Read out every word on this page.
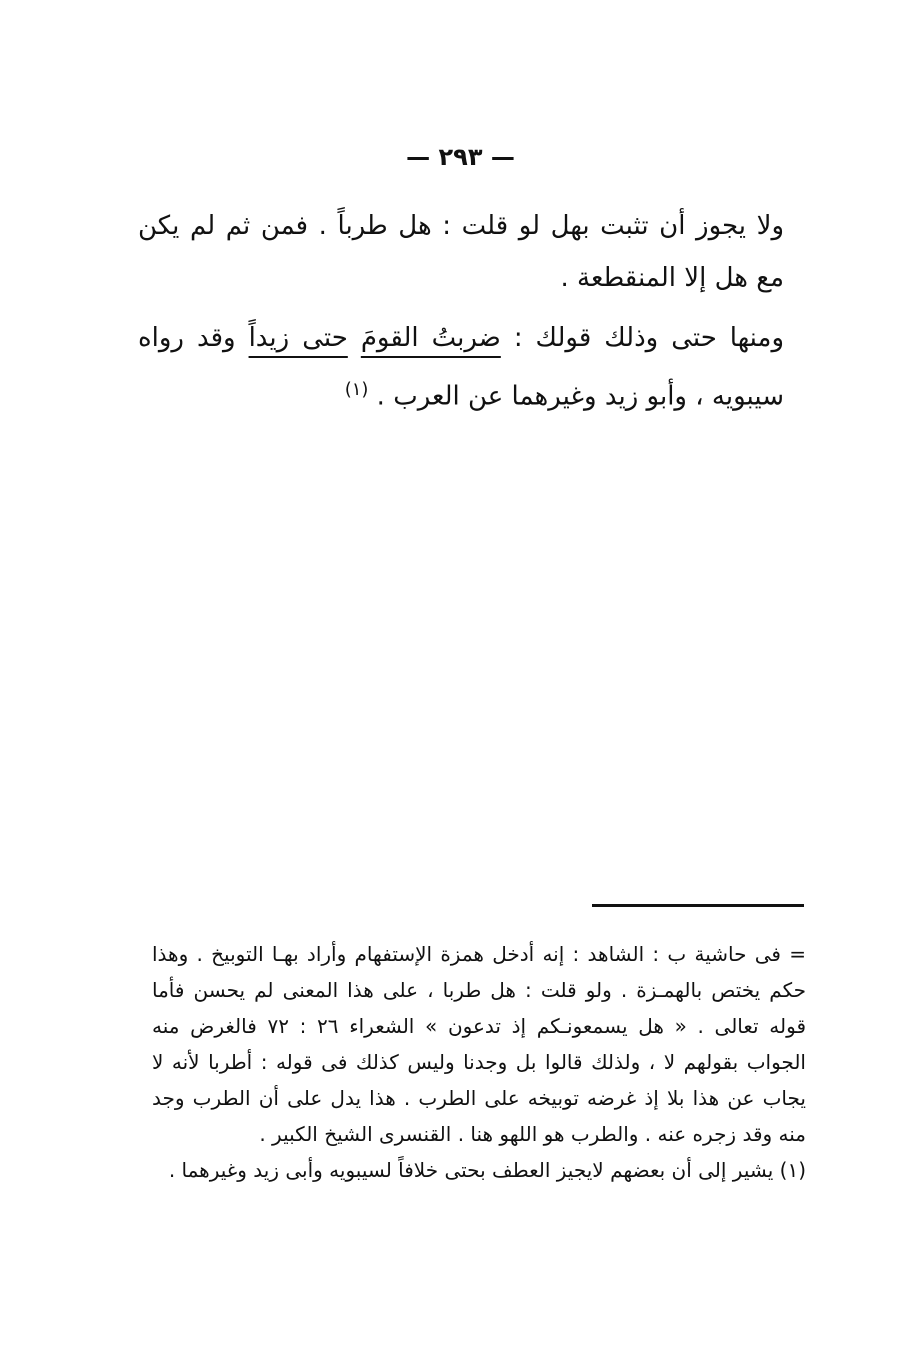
— ٢٩٣ —

ولا يجوز أن تثبت بهل لو قلت : هل طرباً . فمن ثم لم يكن مع هل إلا المنقطعة .

ومنها حتى وذلك قولك : ضربتُ القومَ حتى زيداً وقد رواه سيبويه ، وأبو زيد وغيرهما عن العرب . $^{(١)}$

= فى حاشية ب : الشاهد : إنه أدخل همزة الإستفهام وأراد بهـا التوبيخ . وهذا حكم يختص بالهمـزة . ولو قلت : هل طربا ، على هذا المعنى لم يحسن فأما قوله تعالى . « هل يسمعونـكم إذ تدعون » الشعراء ٢٦ : ٧٢ فالغرض منه الجواب بقولهم لا ، ولذلك قالوا بل وجدنا وليس كذلك فى قوله : أطربا لأنه لا يجاب عن هذا بلا إذ غرضه توبيخه على الطرب . هذا يدل على أن الطرب وجد منه وقد زجره عنه . والطرب هو اللهو هنا . القنسرى الشيخ الكبير .

(١) يشير إلى أن بعضهم لايجيز العطف بحتى خلافاً لسيبويه وأبى زيد وغيرهما .
